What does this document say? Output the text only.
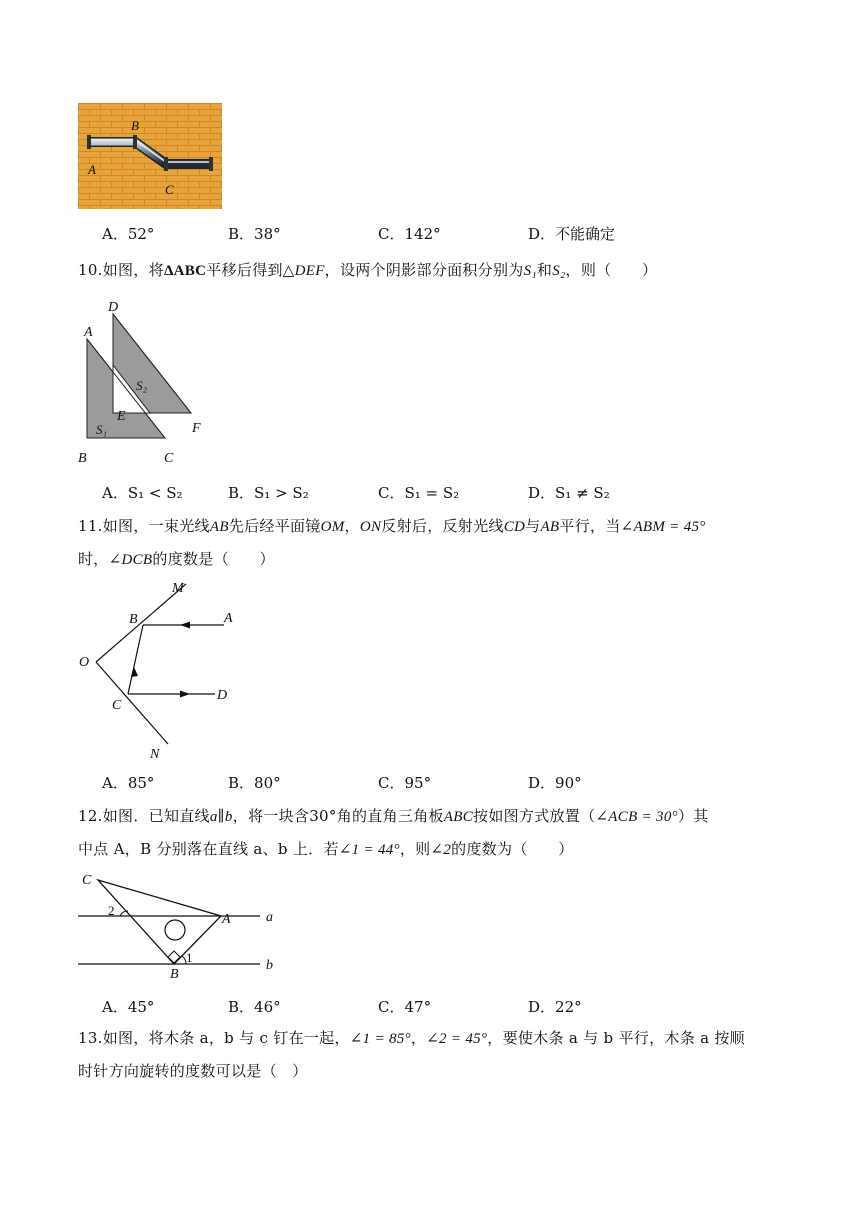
A
B
C
A．52°	B．38°	C．142°	D．不能确定
10.如图，将ΔABC平移后得到△DEF，设两个阴影部分面积分别为S₁和S₂，则（　　）
A
D
S₂
E
S₁	F
B	C
A．S₁ < S₂	B．S₁ > S₂	C．S₁ = S₂	D．S₁ ≠ S₂
11.如图，一束光线AB先后经平面镜OM，ON反射后，反射光线CD与AB平行，当∠ABM = 45°
时，∠DCB的度数是（　　）
M
A
B
O
C
D
N
A．85°	B．80°	C．95°	D．90°
12.如图．已知直线a∥b，将一块含30°角的直角三角板ABC按如图方式放置（∠ACB = 30°）其
中点 A，B 分别落在直线 a、b 上．若∠1 = 44°，则∠2的度数为（　　）
C
A
B
a
b
1
2
A．45°	B．46°	C．47°	D．22°
13.如图，将木条 a，b 与 c 钉在一起，∠1 = 85°，∠2 = 45°，要使木条 a 与 b 平行，木条 a 按顺
时针方向旋转的度数可以是（　）
